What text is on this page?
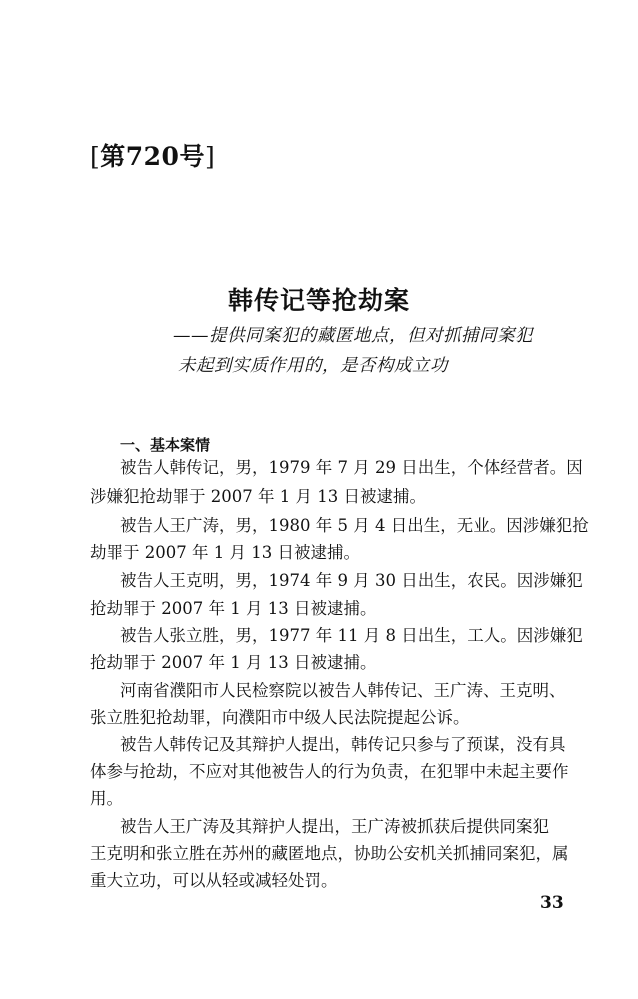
[第720号]
韩传记等抢劫案
——提供同案犯的藏匿地点，但对抓捕同案犯
未起到实质作用的，是否构成立功
一、基本案情
被告人韩传记，男，1979 年 7 月 29 日出生，个体经营者。因
涉嫌犯抢劫罪于 2007 年 1 月 13 日被逮捕。
被告人王广涛，男，1980 年 5 月 4 日出生，无业。因涉嫌犯抢
劫罪于 2007 年 1 月 13 日被逮捕。
被告人王克明，男，1974 年 9 月 30 日出生，农民。因涉嫌犯
抢劫罪于 2007 年 1 月 13 日被逮捕。
被告人张立胜，男，1977 年 11 月 8 日出生，工人。因涉嫌犯
抢劫罪于 2007 年 1 月 13 日被逮捕。
河南省濮阳市人民检察院以被告人韩传记、王广涛、王克明、
张立胜犯抢劫罪，向濮阳市中级人民法院提起公诉。
被告人韩传记及其辩护人提出，韩传记只参与了预谋，没有具
体参与抢劫，不应对其他被告人的行为负责，在犯罪中未起主要作
用。
被告人王广涛及其辩护人提出，王广涛被抓获后提供同案犯
王克明和张立胜在苏州的藏匿地点，协助公安机关抓捕同案犯，属
重大立功，可以从轻或减轻处罚。
33
